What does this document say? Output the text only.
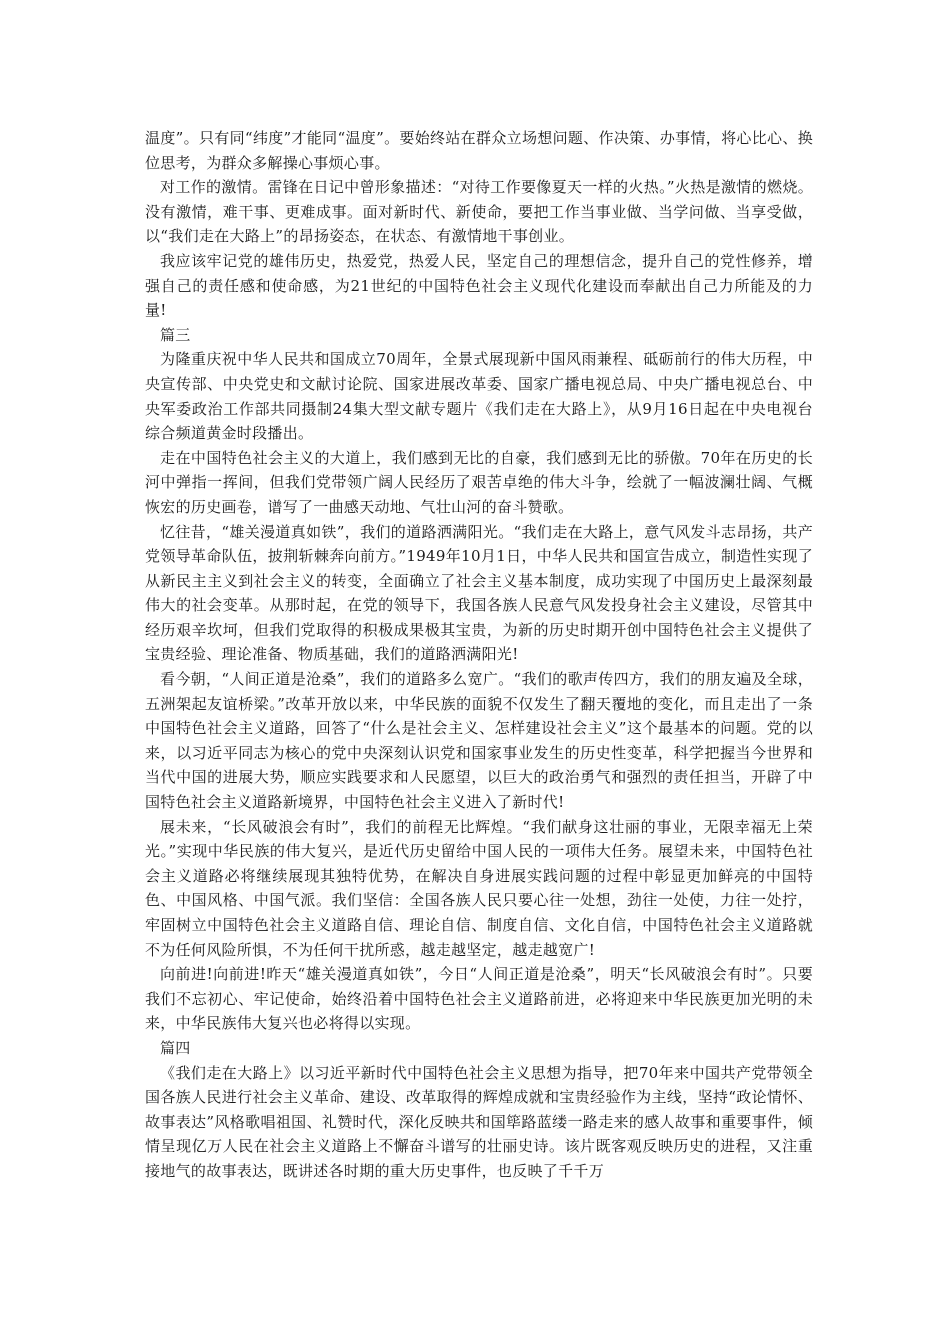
温度”。只有同“纬度”才能同“温度”。要始终站在群众立场想问题、作决策、办事情，将心比心、换位思考，为群众多解操心事烦心事。

对工作的激情。雷锋在日记中曾形象描述：“对待工作要像夏天一样的火热。”火热是激情的燃烧。没有激情，难干事、更难成事。面对新时代、新使命，要把工作当事业做、当学问做、当享受做，以“我们走在大路上”的昂扬姿态，在状态、有激情地干事创业。

我应该牢记党的雄伟历史，热爱党，热爱人民，坚定自己的理想信念，提升自己的党性修养，增强自己的责任感和使命感，为21世纪的中国特色社会主义现代化建设而奉献出自己力所能及的力量!

篇三

为隆重庆祝中华人民共和国成立70周年，全景式展现新中国风雨兼程、砥砺前行的伟大历程，中央宣传部、中央党史和文献讨论院、国家进展改革委、国家广播电视总局、中央广播电视总台、中央军委政治工作部共同摄制24集大型文献专题片《我们走在大路上》，从9月16日起在中央电视台综合频道黄金时段播出。

走在中国特色社会主义的大道上，我们感到无比的自豪，我们感到无比的骄傲。70年在历史的长河中弹指一挥间，但我们党带领广阔人民经历了艰苦卓绝的伟大斗争，绘就了一幅波澜壮阔、气概恢宏的历史画卷，谱写了一曲感天动地、气壮山河的奋斗赞歌。

忆往昔，“雄关漫道真如铁”，我们的道路洒满阳光。“我们走在大路上，意气风发斗志昂扬，共产党领导革命队伍，披荆斩棘奔向前方。”1949年10月1日，中华人民共和国宣告成立，制造性实现了从新民主主义到社会主义的转变，全面确立了社会主义基本制度，成功实现了中国历史上最深刻最伟大的社会变革。从那时起，在党的领导下，我国各族人民意气风发投身社会主义建设，尽管其中经历艰辛坎坷，但我们党取得的积极成果极其宝贵，为新的历史时期开创中国特色社会主义提供了宝贵经验、理论准备、物质基础，我们的道路洒满阳光!

看今朝，“人间正道是沧桑”，我们的道路多么宽广。“我们的歌声传四方，我们的朋友遍及全球，五洲架起友谊桥梁。”改革开放以来，中华民族的面貌不仅发生了翻天覆地的变化，而且走出了一条中国特色社会主义道路，回答了“什么是社会主义、怎样建设社会主义”这个最基本的问题。党的以来，以习近平同志为核心的党中央深刻认识党和国家事业发生的历史性变革，科学把握当今世界和当代中国的进展大势，顺应实践要求和人民愿望，以巨大的政治勇气和强烈的责任担当，开辟了中国特色社会主义道路新境界，中国特色社会主义进入了新时代!

展未来，“长风破浪会有时”，我们的前程无比辉煌。“我们献身这壮丽的事业，无限幸福无上荣光。”实现中华民族的伟大复兴，是近代历史留给中国人民的一项伟大任务。展望未来，中国特色社会主义道路必将继续展现其独特优势，在解决自身进展实践问题的过程中彰显更加鲜亮的中国特色、中国风格、中国气派。我们坚信：全国各族人民只要心往一处想，劲往一处使，力往一处拧，牢固树立中国特色社会主义道路自信、理论自信、制度自信、文化自信，中国特色社会主义道路就不为任何风险所惧，不为任何干扰所惑，越走越坚定，越走越宽广!

向前进!向前进!昨天“雄关漫道真如铁”，今日“人间正道是沧桑”，明天“长风破浪会有时”。只要我们不忘初心、牢记使命，始终沿着中国特色社会主义道路前进，必将迎来中华民族更加光明的未来，中华民族伟大复兴也必将得以实现。

篇四

《我们走在大路上》以习近平新时代中国特色社会主义思想为指导，把70年来中国共产党带领全国各族人民进行社会主义革命、建设、改革取得的辉煌成就和宝贵经验作为主线，坚持“政论情怀、故事表达”风格歌唱祖国、礼赞时代，深化反映共和国筚路蓝缕一路走来的感人故事和重要事件，倾情呈现亿万人民在社会主义道路上不懈奋斗谱写的壮丽史诗。该片既客观反映历史的进程，又注重接地气的故事表达，既讲述各时期的重大历史事件，也反映了千千万
